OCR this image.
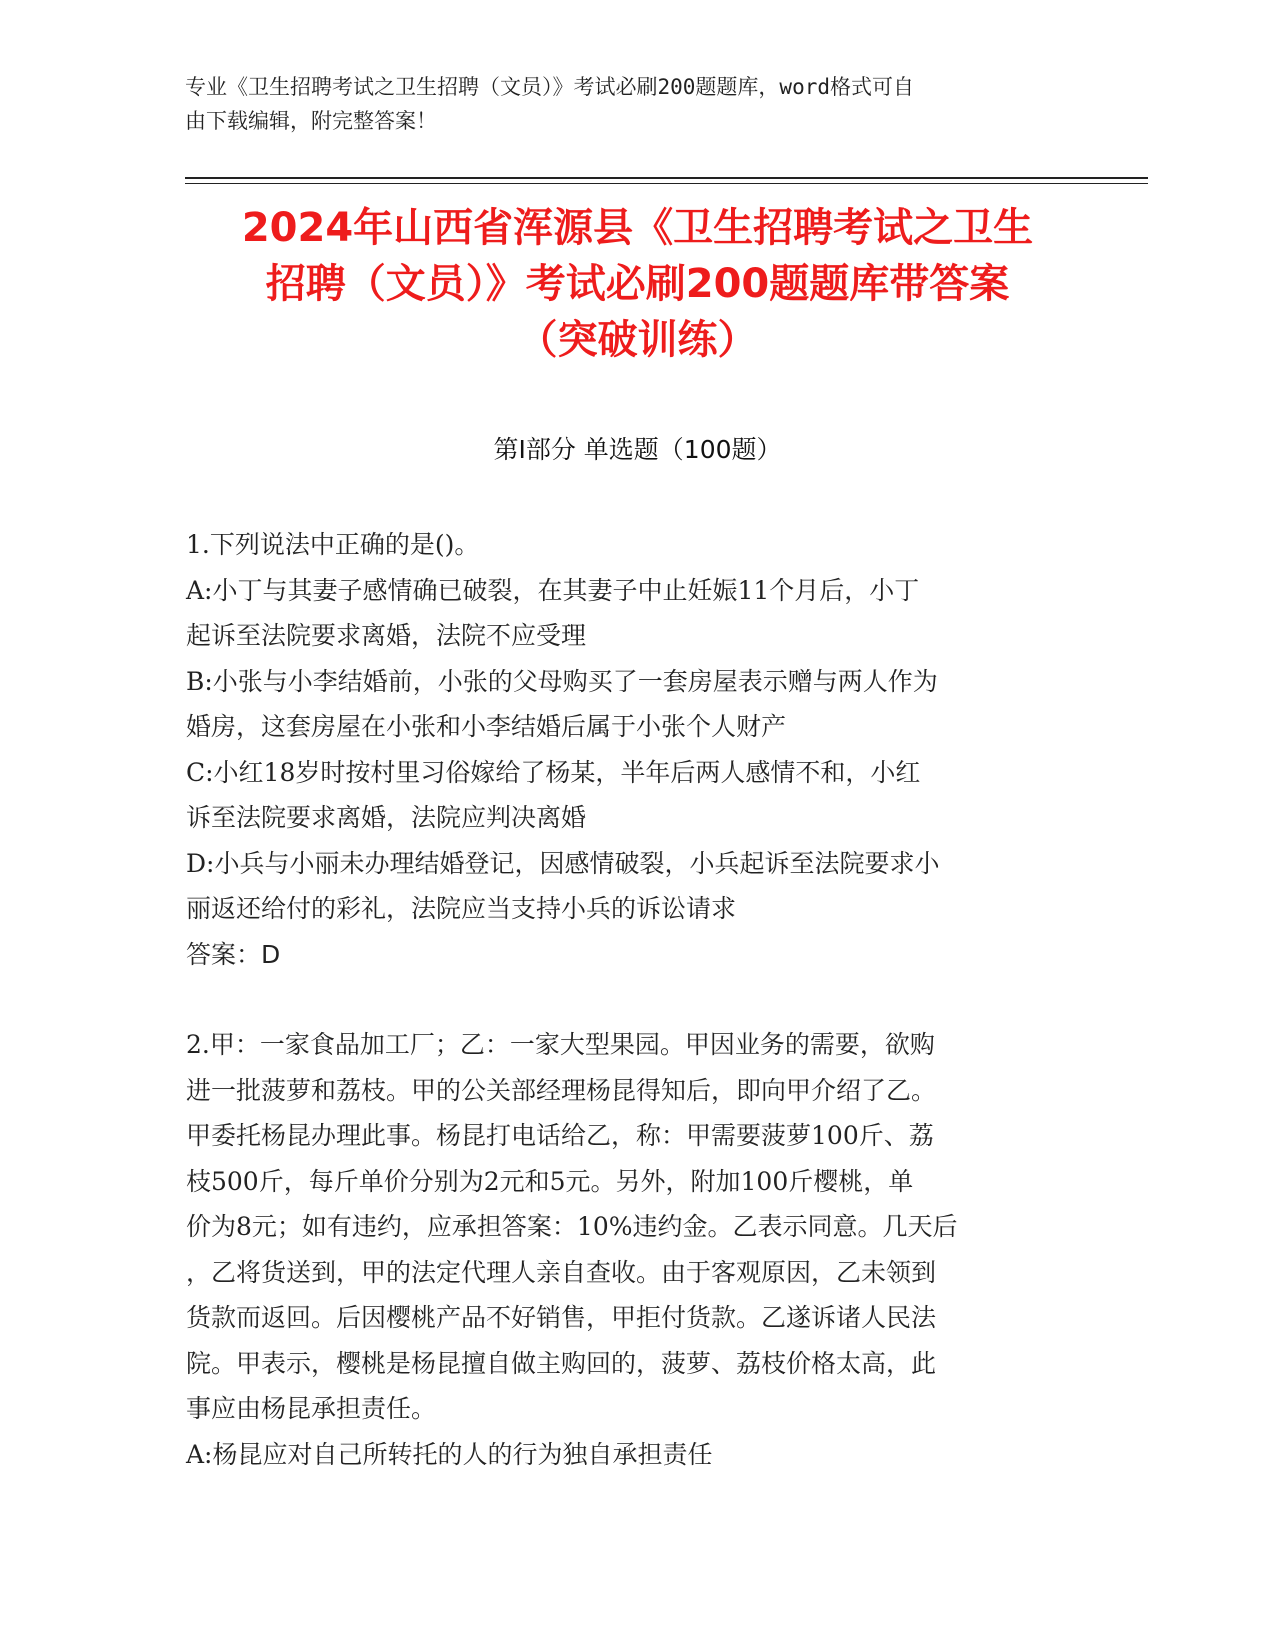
专业《卫生招聘考试之卫生招聘（文员）》考试必刷200题题库，word格式可自
由下载编辑，附完整答案！
2024年山西省浑源县《卫生招聘考试之卫生
招聘（文员）》考试必刷200题题库带答案
（突破训练）
第I部分 单选题（100题）
1.下列说法中正确的是()。
A:小丁与其妻子感情确已破裂，在其妻子中止妊娠11个月后，小丁
起诉至法院要求离婚，法院不应受理
B:小张与小李结婚前，小张的父母购买了一套房屋表示赠与两人作为
婚房，这套房屋在小张和小李结婚后属于小张个人财产
C:小红18岁时按村里习俗嫁给了杨某，半年后两人感情不和，小红
诉至法院要求离婚，法院应判决离婚
D:小兵与小丽未办理结婚登记，因感情破裂，小兵起诉至法院要求小
丽返还给付的彩礼，法院应当支持小兵的诉讼请求
答案：D
2.甲：一家食品加工厂；乙：一家大型果园。甲因业务的需要，欲购
进一批菠萝和荔枝。甲的公关部经理杨昆得知后，即向甲介绍了乙。
甲委托杨昆办理此事。杨昆打电话给乙，称：甲需要菠萝100斤、荔
枝500斤，每斤单价分别为2元和5元。另外，附加100斤樱桃，单
价为8元；如有违约，应承担答案：10%违约金。乙表示同意。几天后
，乙将货送到，甲的法定代理人亲自查收。由于客观原因，乙未领到
货款而返回。后因樱桃产品不好销售，甲拒付货款。乙遂诉诸人民法
院。甲表示，樱桃是杨昆擅自做主购回的，菠萝、荔枝价格太高，此
事应由杨昆承担责任。
A:杨昆应对自己所转托的人的行为独自承担责任
